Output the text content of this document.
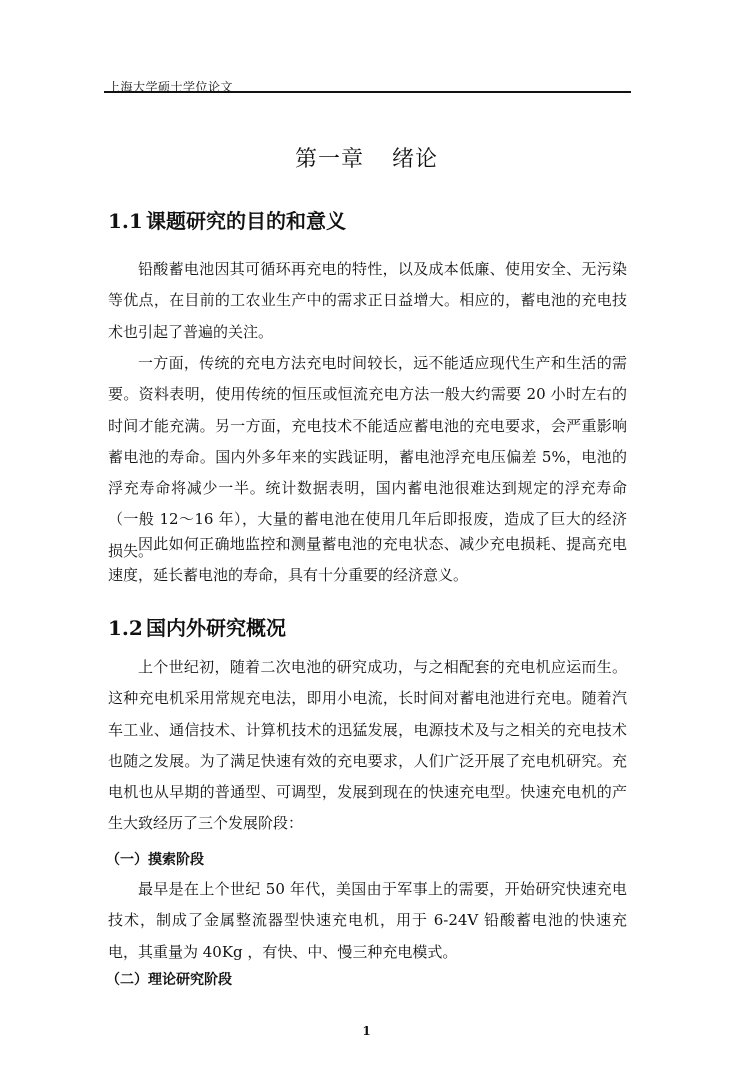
上海大学硕士学位论文
第一章 绪论
1.1 课题研究的目的和意义

铅酸蓄电池因其可循环再充电的特性，以及成本低廉、使用安全、无污染等优点，在目前的工农业生产中的需求正日益增大。相应的，蓄电池的充电技术也引起了普遍的关注。

一方面，传统的充电方法充电时间较长，远不能适应现代生产和生活的需要。资料表明，使用传统的恒压或恒流充电方法一般大约需要 20 小时左右的时间才能充满。另一方面，充电技术不能适应蓄电池的充电要求，会严重影响蓄电池的寿命。国内外多年来的实践证明，蓄电池浮充电压偏差 5%，电池的浮充寿命将减少一半。统计数据表明，国内蓄电池很难达到规定的浮充寿命（一般 12～16 年），大量的蓄电池在使用几年后即报废，造成了巨大的经济损失。

因此如何正确地监控和测量蓄电池的充电状态、减少充电损耗、提高充电速度，延长蓄电池的寿命，具有十分重要的经济意义。

1.2 国内外研究概况

上个世纪初，随着二次电池的研究成功，与之相配套的充电机应运而生。这种充电机采用常规充电法，即用小电流，长时间对蓄电池进行充电。随着汽车工业、通信技术、计算机技术的迅猛发展，电源技术及与之相关的充电技术也随之发展。为了满足快速有效的充电要求，人们广泛开展了充电机研究。充电机也从早期的普通型、可调型，发展到现在的快速充电型。快速充电机的产生大致经历了三个发展阶段：

（一）摸索阶段

最早是在上个世纪 50 年代，美国由于军事上的需要，开始研究快速充电技术，制成了金属整流器型快速充电机，用于 6-24V 铅酸蓄电池的快速充电，其重量为 40Kg ，有快、中、慢三种充电模式。

（二）理论研究阶段
1
